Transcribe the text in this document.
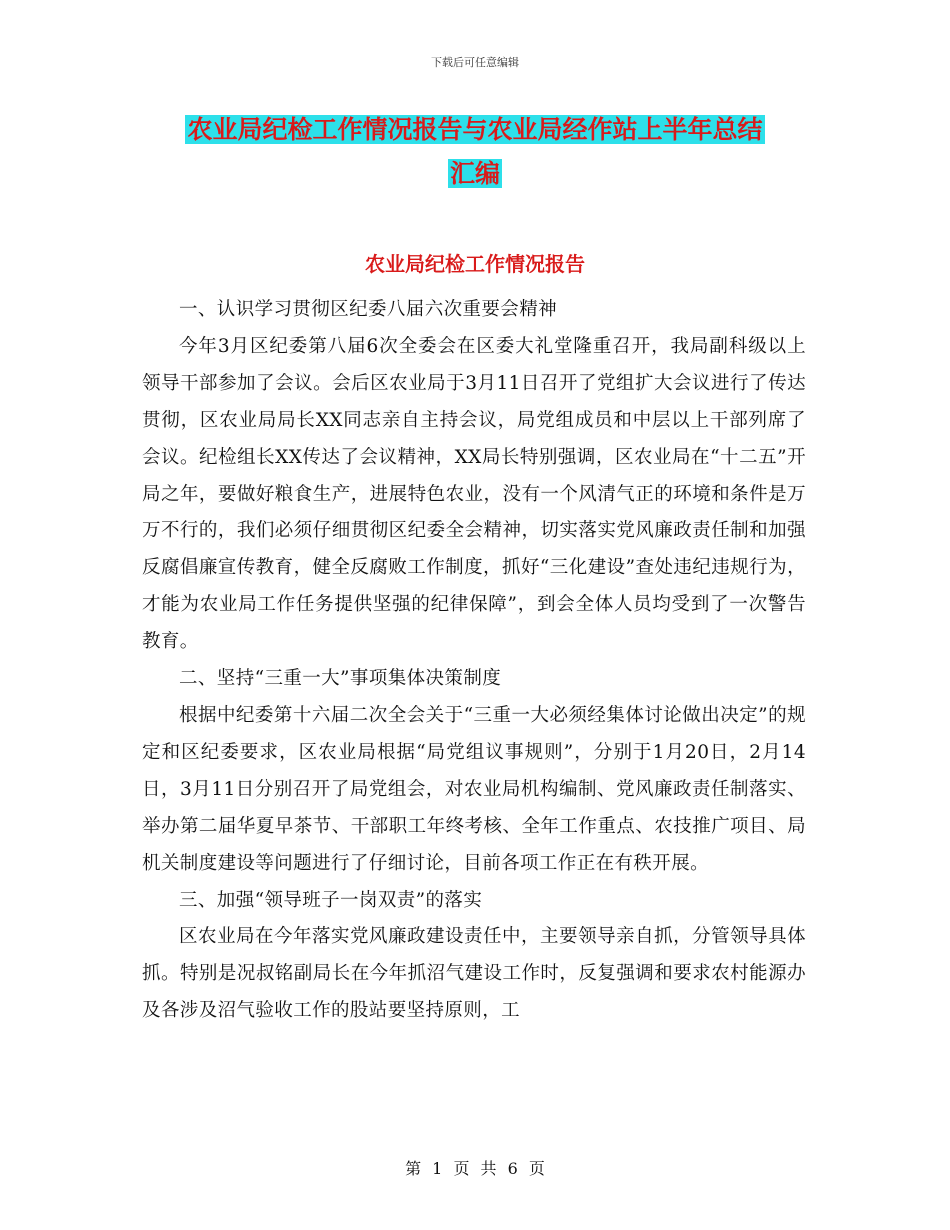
下载后可任意编辑
农业局纪检工作情况报告与农业局经作站上半年总结
汇编
农业局纪检工作情况报告

一、认识学习贯彻区纪委八届六次重要会精神

今年3月区纪委第八届6次全委会在区委大礼堂隆重召开，我局副科级以上领导干部参加了会议。会后区农业局于3月11日召开了党组扩大会议进行了传达贯彻，区农业局局长XX同志亲自主持会议，局党组成员和中层以上干部列席了会议。纪检组长XX传达了会议精神，XX局长特别强调，区农业局在“十二五”开局之年，要做好粮食生产，进展特色农业，没有一个风清气正的环境和条件是万万不行的，我们必须仔细贯彻区纪委全会精神，切实落实党风廉政责任制和加强反腐倡廉宣传教育，健全反腐败工作制度，抓好“三化建设”查处违纪违规行为，才能为农业局工作任务提供坚强的纪律保障”，到会全体人员均受到了一次警告教育。

二、坚持“三重一大”事项集体决策制度

根据中纪委第十六届二次全会关于“三重一大必须经集体讨论做出决定”的规定和区纪委要求，区农业局根据“局党组议事规则”，分别于1月20日，2月14日，3月11日分别召开了局党组会，对农业局机构编制、党风廉政责任制落实、举办第二届华夏早茶节、干部职工年终考核、全年工作重点、农技推广项目、局机关制度建设等问题进行了仔细讨论，目前各项工作正在有秩开展。

三、加强“领导班子一岗双责”的落实

区农业局在今年落实党风廉政建设责任中，主要领导亲自抓，分管领导具体抓。特别是况叔铭副局长在今年抓沼气建设工作时，反复强调和要求农村能源办及各涉及沼气验收工作的股站要坚持原则，工

第 1 页 共 6 页
